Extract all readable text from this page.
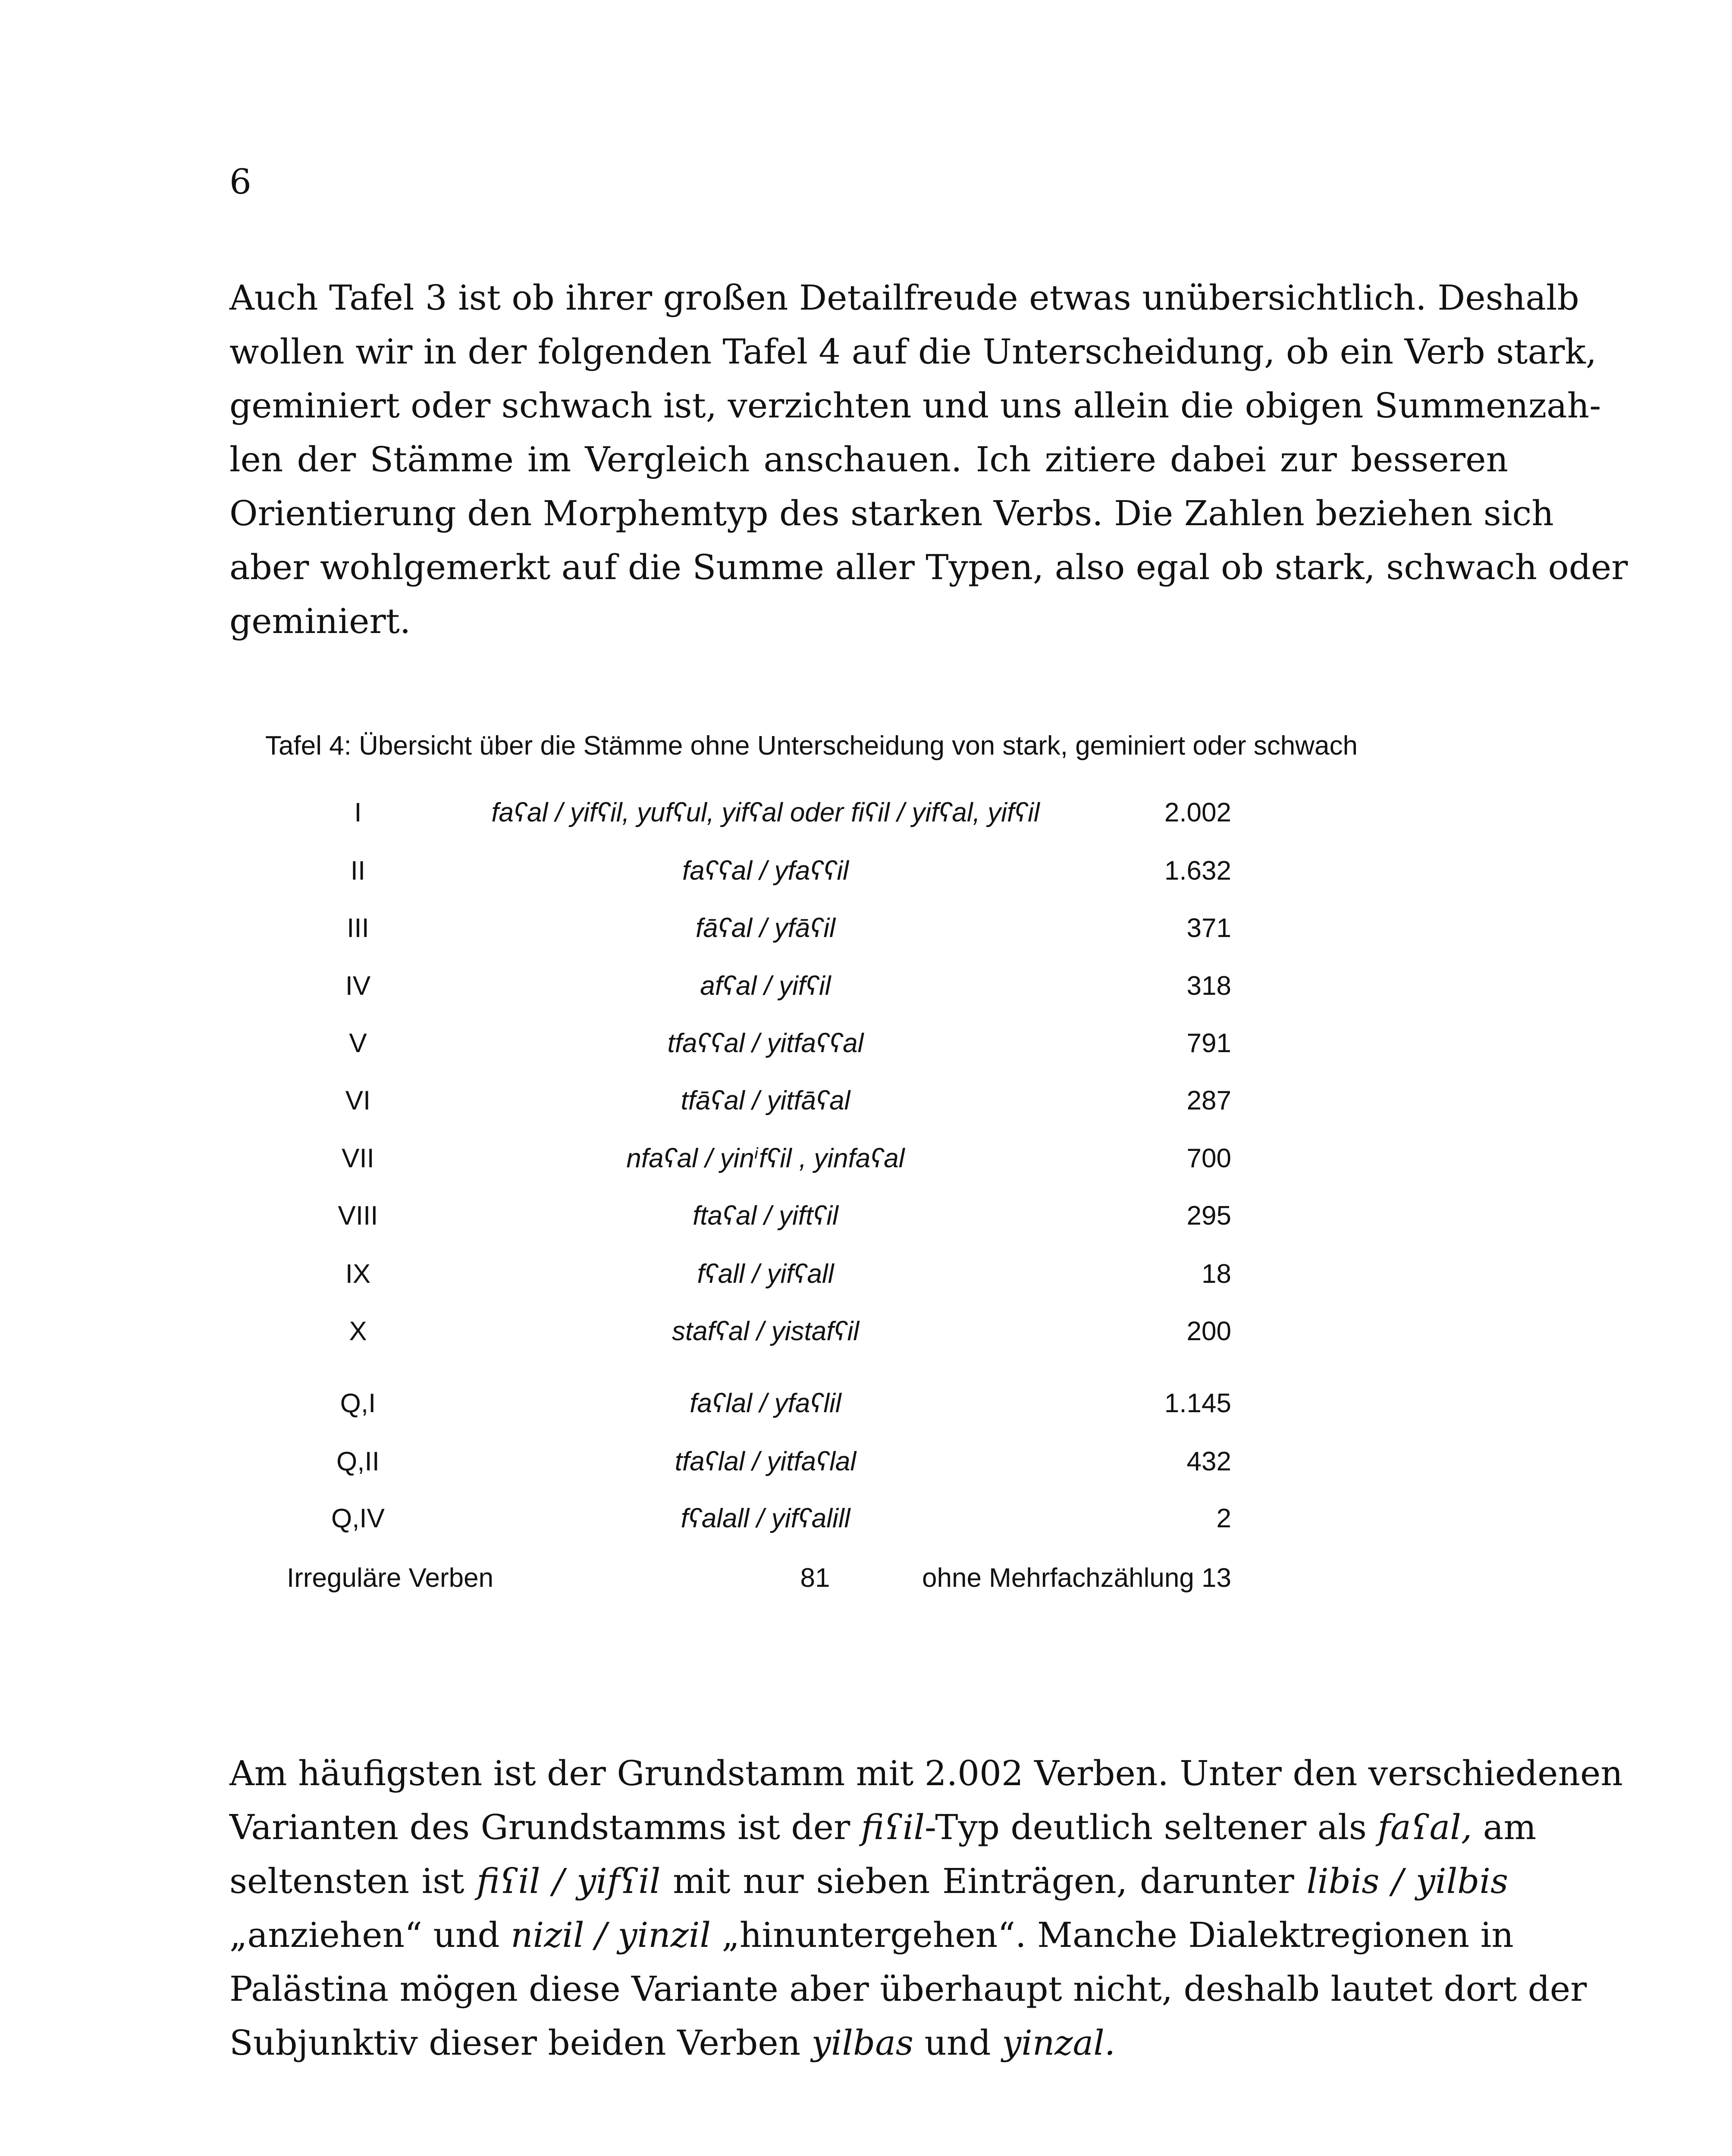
6
Auch Tafel 3 ist ob ihrer großen Detailfreude etwas unübersichtlich. Deshalb
wollen wir in der folgenden Tafel 4 auf die Unterscheidung, ob ein Verb stark,
geminiert oder schwach ist, verzichten und uns allein die obigen Summenzah-
len der Stämme im Vergleich anschauen. Ich zitiere dabei zur besseren
Orientierung den Morphemtyp des starken Verbs. Die Zahlen beziehen sich
aber wohlgemerkt auf die Summe aller Typen, also egal ob stark, schwach oder
geminiert.
Tafel 4: Übersicht über die Stämme ohne Unterscheidung von stark, geminiert oder schwach
I	faʕal / yifʕil, yufʕul, yifʕal oder fiʕil / yifʕal, yifʕil	2.002
II	faʕʕal / yfaʕʕil	1.632
III	fāʕal / yfāʕil	371
IV	afʕal / yifʕil	318
V	tfaʕʕal / yitfaʕʕal	791
VI	tfāʕal / yitfāʕal	287
VII	nfaʕal / yinⁱfʕil , yinfaʕal	700
VIII	ftaʕal / yiftʕil	295
IX	fʕall / yifʕall	18
X	stafʕal / yistafʕil	200
Q,I	faʕlal / yfaʕlil	1.145
Q,II	tfaʕlal / yitfaʕlal	432
Q,IV	fʕalall / yifʕalill	2
Irreguläre Verben	81	ohne Mehrfachzählung 13
Am häufigsten ist der Grundstamm mit 2.002 Verben. Unter den verschiedenen
Varianten des Grundstamms ist der fiʕil-Typ deutlich seltener als faʕal, am
seltensten ist fiʕil / yifʕil mit nur sieben Einträgen, darunter libis / yilbis
„anziehen“ und nizil / yinzil „hinuntergehen“. Manche Dialektregionen in
Palästina mögen diese Variante aber überhaupt nicht, deshalb lautet dort der
Subjunktiv dieser beiden Verben yilbas und yinzal.
